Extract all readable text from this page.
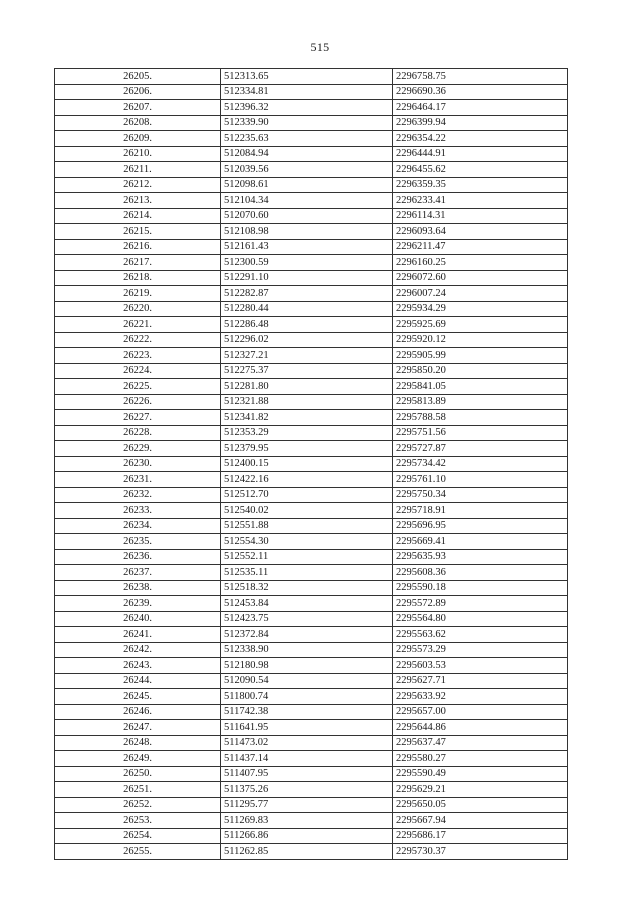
515
26205.	512313.65	2296758.75
26206.	512334.81	2296690.36
26207.	512396.32	2296464.17
26208.	512339.90	2296399.94
26209.	512235.63	2296354.22
26210.	512084.94	2296444.91
26211.	512039.56	2296455.62
26212.	512098.61	2296359.35
26213.	512104.34	2296233.41
26214.	512070.60	2296114.31
26215.	512108.98	2296093.64
26216.	512161.43	2296211.47
26217.	512300.59	2296160.25
26218.	512291.10	2296072.60
26219.	512282.87	2296007.24
26220.	512280.44	2295934.29
26221.	512286.48	2295925.69
26222.	512296.02	2295920.12
26223.	512327.21	2295905.99
26224.	512275.37	2295850.20
26225.	512281.80	2295841.05
26226.	512321.88	2295813.89
26227.	512341.82	2295788.58
26228.	512353.29	2295751.56
26229.	512379.95	2295727.87
26230.	512400.15	2295734.42
26231.	512422.16	2295761.10
26232.	512512.70	2295750.34
26233.	512540.02	2295718.91
26234.	512551.88	2295696.95
26235.	512554.30	2295669.41
26236.	512552.11	2295635.93
26237.	512535.11	2295608.36
26238.	512518.32	2295590.18
26239.	512453.84	2295572.89
26240.	512423.75	2295564.80
26241.	512372.84	2295563.62
26242.	512338.90	2295573.29
26243.	512180.98	2295603.53
26244.	512090.54	2295627.71
26245.	511800.74	2295633.92
26246.	511742.38	2295657.00
26247.	511641.95	2295644.86
26248.	511473.02	2295637.47
26249.	511437.14	2295580.27
26250.	511407.95	2295590.49
26251.	511375.26	2295629.21
26252.	511295.77	2295650.05
26253.	511269.83	2295667.94
26254.	511266.86	2295686.17
26255.	511262.85	2295730.37
